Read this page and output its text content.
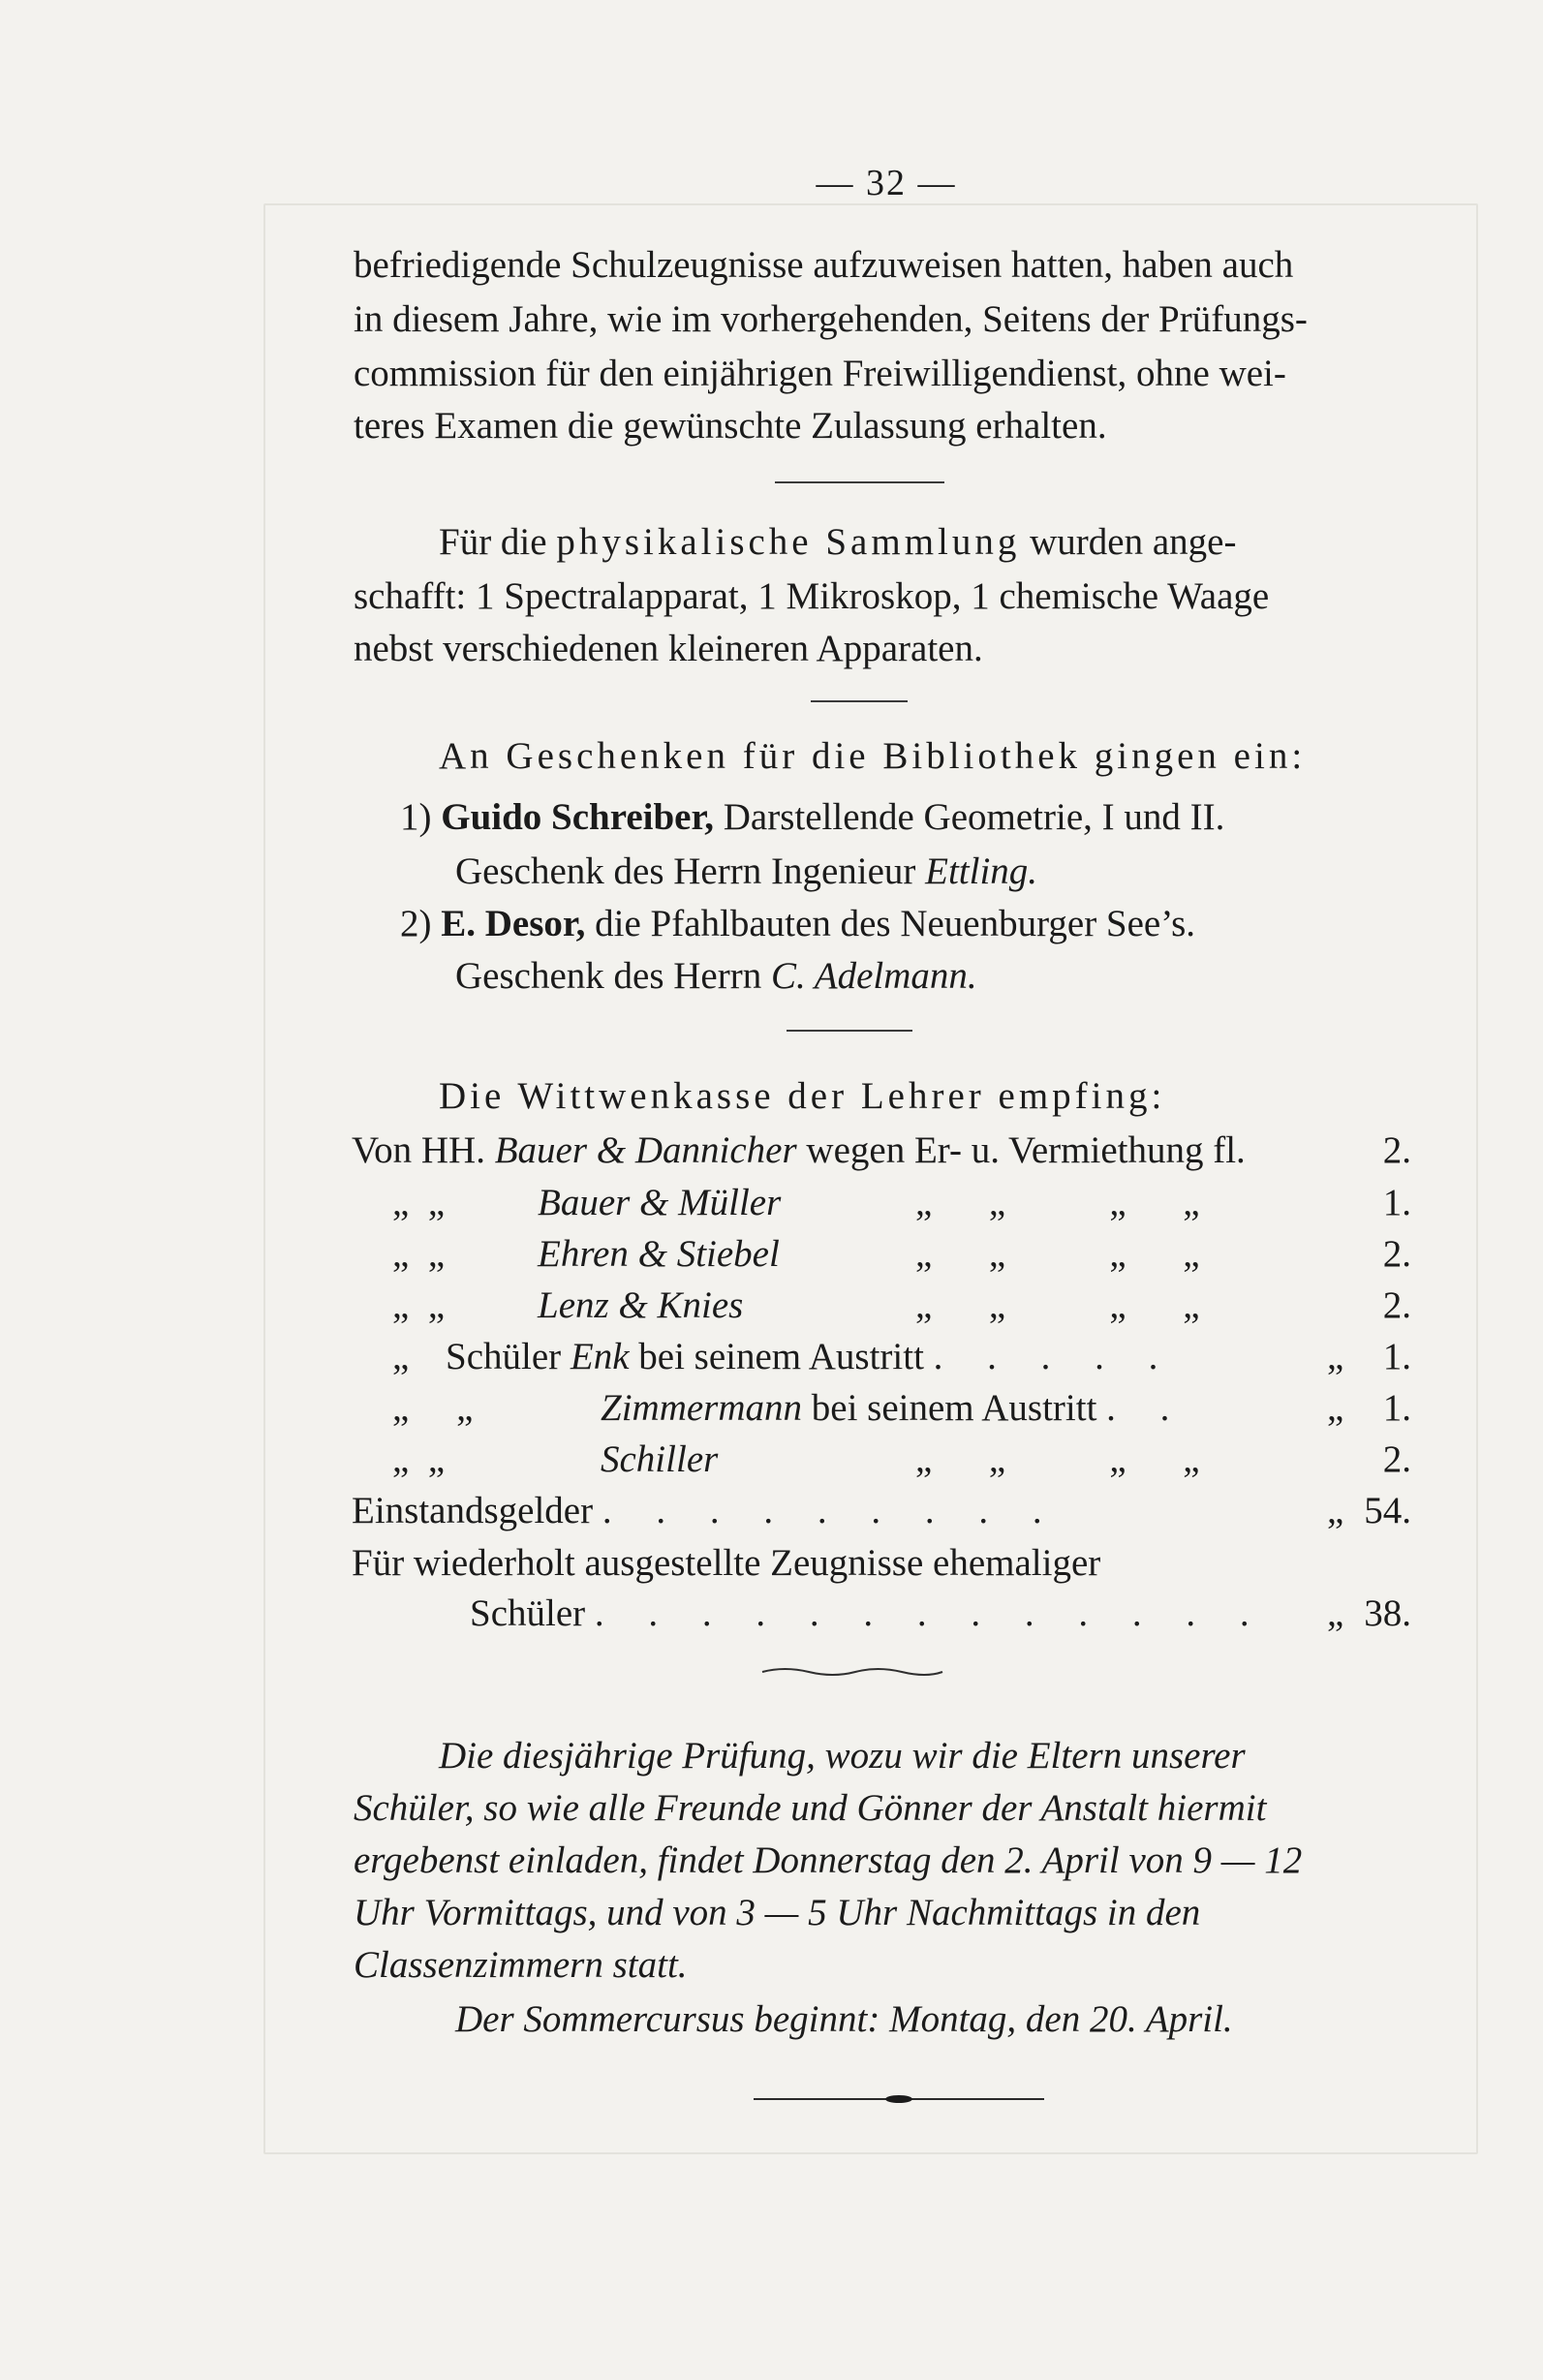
— 32 —
befriedigende Schulzeugnisse aufzuweisen hatten, haben auch
in diesem Jahre, wie im vorhergehenden, Seitens der Prüfungs-
commission für den einjährigen Freiwilligendienst, ohne wei-
teres Examen die gewünschte Zulassung erhalten.
Für die physikalische Sammlung wurden ange-
schafft: 1 Spectralapparat, 1 Mikroskop, 1 chemische Waage
nebst verschiedenen kleineren Apparaten.
An Geschenken für die Bibliothek gingen ein:
1) Guido Schreiber, Darstellende Geometrie, I und II.
Geschenk des Herrn Ingenieur Ettling.
2) E. Desor, die Pfahlbauten des Neuenburger See’s.
Geschenk des Herrn C. Adelmann.
Die Wittwenkasse der Lehrer empfing:
Von HH. Bauer & Dannicher wegen Er- u. Vermiethung fl.	2.
„ „ Bauer & Müller	„ „	„ „	1.
„ „ Ehren & Stiebel	„ „	„ „	2.
„ „ Lenz & Knies	„ „	„ „	2.
„ Schüler Enk bei seinem Austritt . . . . .	„	1.
„ „	Zimmermann bei seinem Austritt . .	„	1.
„ „	Schiller	„ „	„ „	2.
Einstandsgelder . . . . . . . . .	„ 54.
Für wiederholt ausgestellte Zeugnisse ehemaliger
Schüler . . . . . . . . . . . . . „ 38.
Die diesjährige Prüfung, wozu wir die Eltern unserer
Schüler, so wie alle Freunde und Gönner der Anstalt hiermit
ergebenst einladen, findet Donnerstag den 2. April von 9 — 12
Uhr Vormittags, und von 3 — 5 Uhr Nachmittags in den
Classenzimmern statt.
Der Sommercursus beginnt: Montag, den 20. April.
